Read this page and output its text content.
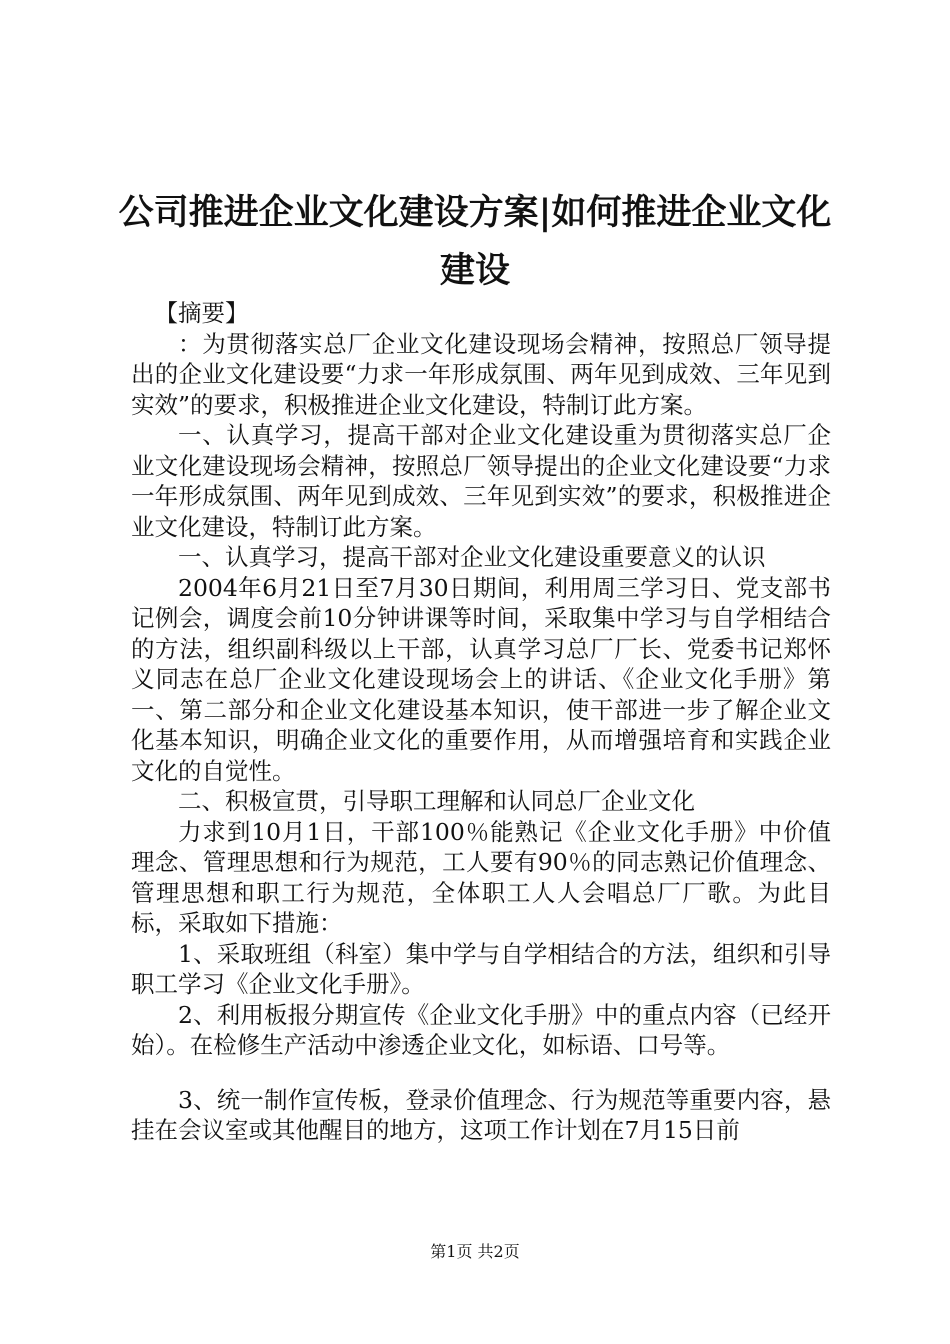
公司推进企业文化建设方案|如何推进企业文化建设

【摘要】

：为贯彻落实总厂企业文化建设现场会精神，按照总厂领导提出的企业文化建设要“力求一年形成氛围、两年见到成效、三年见到实效”的要求，积极推进企业文化建设，特制订此方案。

一、认真学习，提高干部对企业文化建设重为贯彻落实总厂企业文化建设现场会精神，按照总厂领导提出的企业文化建设要“力求一年形成氛围、两年见到成效、三年见到实效”的要求，积极推进企业文化建设，特制订此方案。

一、认真学习，提高干部对企业文化建设重要意义的认识

2004年6月21日至7月30日期间，利用周三学习日、党支部书记例会，调度会前10分钟讲课等时间，采取集中学习与自学相结合的方法，组织副科级以上干部，认真学习总厂厂长、党委书记郑怀义同志在总厂企业文化建设现场会上的讲话、《企业文化手册》第一、第二部分和企业文化建设基本知识，使干部进一步了解企业文化基本知识，明确企业文化的重要作用，从而增强培育和实践企业文化的自觉性。

二、积极宣贯，引导职工理解和认同总厂企业文化

力求到10月1日，干部100％能熟记《企业文化手册》中价值理念、管理思想和行为规范，工人要有90％的同志熟记价值理念、管理思想和职工行为规范，全体职工人人会唱总厂厂歌。为此目标，采取如下措施：

1、采取班组（科室）集中学与自学相结合的方法，组织和引导职工学习《企业文化手册》。

2、利用板报分期宣传《企业文化手册》中的重点内容（已经开始）。在检修生产活动中渗透企业文化，如标语、口号等。

3、统一制作宣传板，登录价值理念、行为规范等重要内容，悬挂在会议室或其他醒目的地方，这项工作计划在7月15日前

第1页 共2页
